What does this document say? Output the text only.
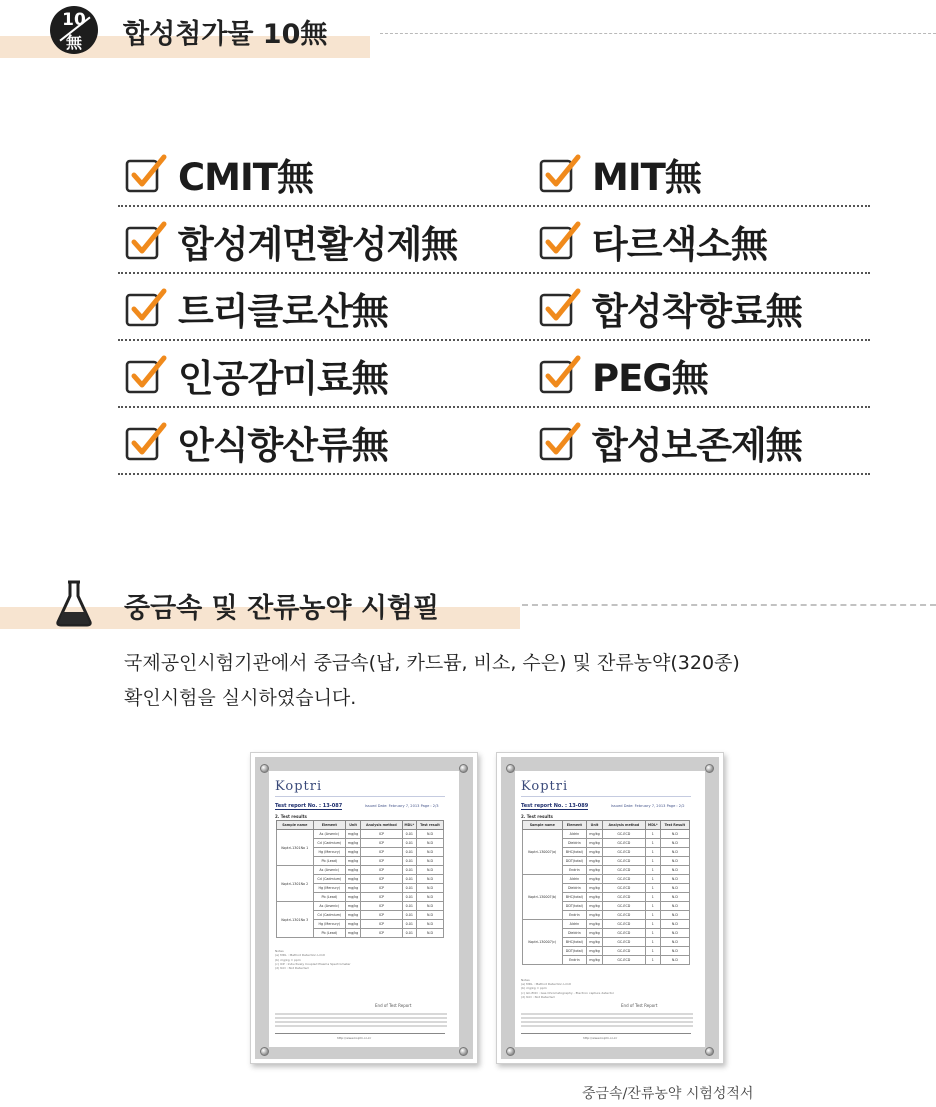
10
無	합성첨가물 10無
CMIT無	MIT無
합성계면활성제無	타르색소無
트리클로산無	합성착향료無
인공감미료無	PEG無
안식향산류無	합성보존제無
중금속 및 잔류농약 시험필
국제공인시험기관에서 중금속(납, 카드뮴, 비소, 수은) 및 잔류농약(320종)
확인시험을 실시하였습니다.
Koptri
Test report No. : 13-087	Issued Date: February 7, 2013 Page : 2/3
2. Test results
Sample name	Element	Unit	Analysis method	MDL*	Test result
Koptri-1301No 1	As (Arsenic)	mg/kg	ICP	0.01	N.D
	Cd (Cadmium)	mg/kg	ICP	0.01	N.D
	Hg (Mercury)	mg/kg	ICP	0.01	N.D
	Pb (Lead)	mg/kg	ICP	0.01	N.D
Koptri-1301No 2	As (Arsenic)	mg/kg	ICP	0.01	N.D
	Cd (Cadmium)	mg/kg	ICP	0.01	N.D
	Hg (Mercury)	mg/kg	ICP	0.01	N.D
	Pb (Lead)	mg/kg	ICP	0.01	N.D
Koptri-1301No 3	As (Arsenic)	mg/kg	ICP	0.01	N.D
	Cd (Cadmium)	mg/kg	ICP	0.01	N.D
	Hg (Mercury)	mg/kg	ICP	0.01	N.D
	Pb (Lead)	mg/kg	ICP	0.01	N.D
Notes
(a) MDL : Method Detection Limit
(b) mg/kg = ppm
(c) ICP : Inductively Coupled Plasma Spectrometer
(d) N.D : Not Detected
End of Test Report
http://www.koptri.co.kr
Koptri
Test report No. : 13-089	Issued Date: February 7, 2013 Page : 2/2
2. Test results
Sample name	Element	Unit	Analysis method	MDL*	Test Result
Koptri-130007(a)	Aldrin	mg/kg	GC-ECD	1	N.D
	Dieldrin	mg/kg	GC-ECD	1	N.D
	BHC(total)	mg/kg	GC-ECD	1	N.D
	DDT(total)	mg/kg	GC-ECD	1	N.D
	Endrin	mg/kg	GC-ECD	1	N.D
Koptri-130007(b)	Aldrin	mg/kg	GC-ECD	1	N.D
	Dieldrin	mg/kg	GC-ECD	1	N.D
	BHC(total)	mg/kg	GC-ECD	1	N.D
	DDT(total)	mg/kg	GC-ECD	1	N.D
	Endrin	mg/kg	GC-ECD	1	N.D
Koptri-130007(c)	Aldrin	mg/kg	GC-ECD	1	N.D
	Dieldrin	mg/kg	GC-ECD	1	N.D
	BHC(total)	mg/kg	GC-ECD	1	N.D
	DDT(total)	mg/kg	GC-ECD	1	N.D
	Endrin	mg/kg	GC-ECD	1	N.D
Notes
(a) MDL : Method Detection Limit
(b) mg/kg = ppm
(c) GC-ECD : Gas Chromatography - Electron capture detector
(d) N.D : Not Detected
End of Test Report
http://www.koptri.co.kr
중금속/잔류농약 시험성적서
